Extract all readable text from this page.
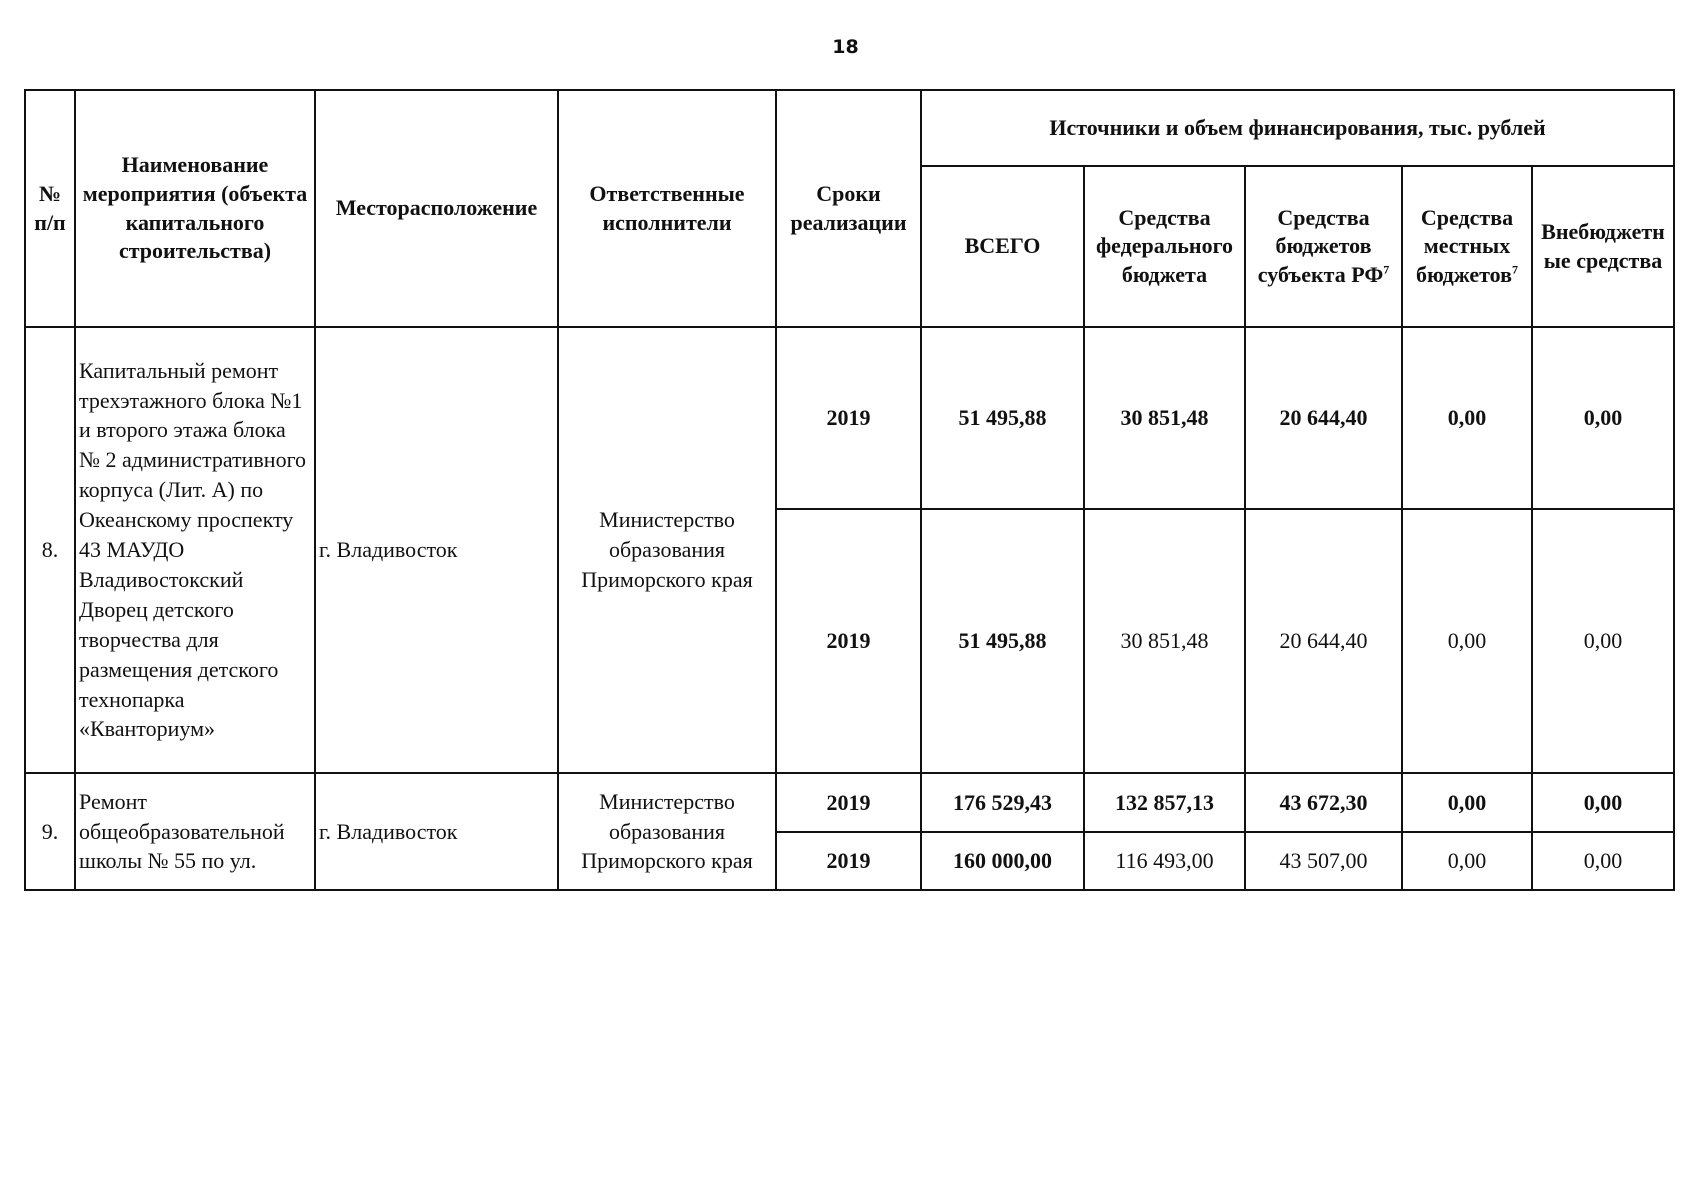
18
№ п/п	Наименование мероприятия (объекта капитального строительства)	Месторасположение	Ответственные исполнители	Сроки реализации	Источники и объем финансирования, тыс. рублей				
					ВСЕГО	Средства федерального бюджета	Средства бюджетов субъекта $РФ^7$	Средства местных бюджетов$^7$	Внебюджетн ые средства
8.	Капитальный ремонт трехэтажного блока №1 и второго этажа блока № 2 административного корпуса (Лит. А) по Океанскому проспекту 43 МАУДО Владивостокский Дворец детского творчества для размещения детского технопарка «Кванториум»	г. Владивосток	Министерство образования Приморского края	2019	51 495,88	30 851,48	20 644,40	0,00	0,00
				2019	51 495,88	30 851,48	20 644,40	0,00	0,00
9.	Ремонт общеобразовательной школы № 55 по ул.	г. Владивосток	Министерство образования Приморского края	2019	176 529,43	132 857,13	43 672,30	0,00	0,00
				2019	160 000,00	116 493,00	43 507,00	0,00	0,00
